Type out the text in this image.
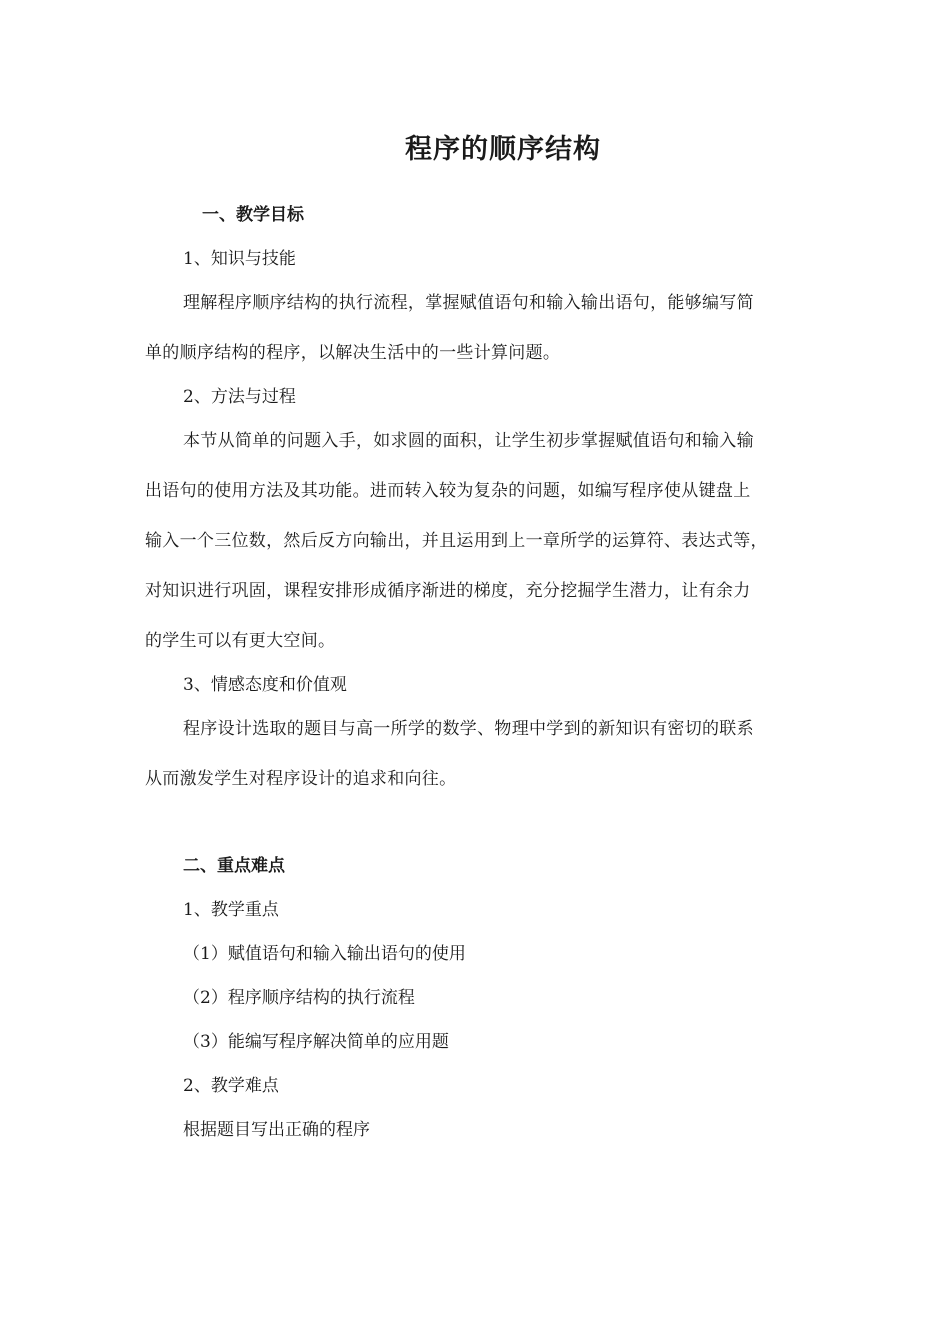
程序的顺序结构
一、教学目标
1、知识与技能
理解程序顺序结构的执行流程，掌握赋值语句和输入输出语句，能够编写简
单的顺序结构的程序，以解决生活中的一些计算问题。
2、方法与过程
本节从简单的问题入手，如求圆的面积，让学生初步掌握赋值语句和输入输
出语句的使用方法及其功能。进而转入较为复杂的问题，如编写程序使从键盘上
输入一个三位数，然后反方向输出，并且运用到上一章所学的运算符、表达式等，
对知识进行巩固，课程安排形成循序渐进的梯度，充分挖掘学生潜力，让有余力
的学生可以有更大空间。
3、情感态度和价值观
程序设计选取的题目与高一所学的数学、物理中学到的新知识有密切的联系
从而激发学生对程序设计的追求和向往。
二、重点难点
1、教学重点
（1）赋值语句和输入输出语句的使用
（2）程序顺序结构的执行流程
（3）能编写程序解决简单的应用题
2、教学难点
根据题目写出正确的程序
